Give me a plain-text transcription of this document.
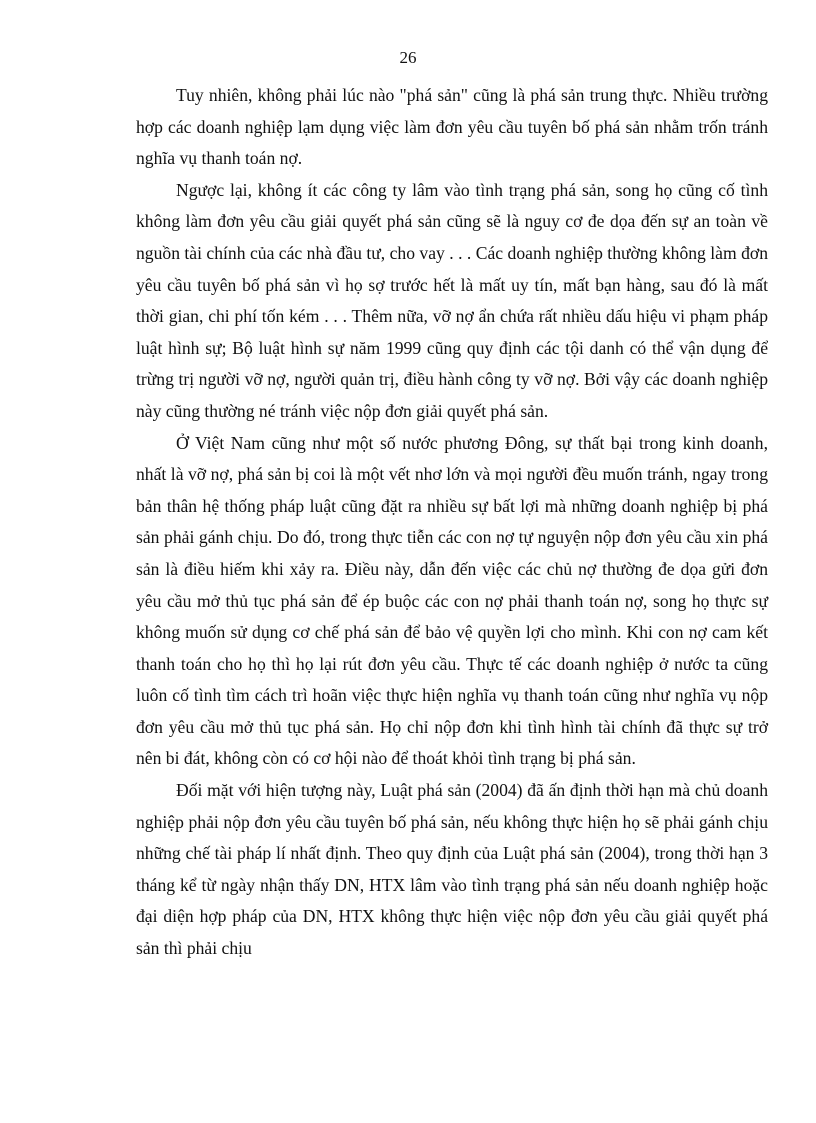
26

Tuy nhiên, không phải lúc nào "phá sản" cũng là phá sản trung thực. Nhiều trường hợp các doanh nghiệp lạm dụng việc làm đơn yêu cầu tuyên bố phá sản nhằm trốn tránh nghĩa vụ thanh toán nợ.

Ngược lại, không ít các công ty lâm vào tình trạng phá sản, song họ cũng cố tình không làm đơn yêu cầu giải quyết phá sản cũng sẽ là nguy cơ đe dọa đến sự an toàn về nguồn tài chính của các nhà đầu tư, cho vay . . . Các doanh nghiệp thường không làm đơn yêu cầu tuyên bố phá sản vì họ sợ trước hết là mất uy tín, mất bạn hàng, sau đó là mất thời gian, chi phí tốn kém . . . Thêm nữa, vỡ nợ ẩn chứa rất nhiều dấu hiệu vi phạm pháp luật hình sự; Bộ luật hình sự năm 1999 cũng quy định các tội danh có thể vận dụng để trừng trị người vỡ nợ, người quản trị, điều hành công ty vỡ nợ. Bởi vậy các doanh nghiệp này cũng thường né tránh việc nộp đơn giải quyết phá sản.

Ở Việt Nam cũng như một số nước phương Đông, sự thất bại trong kinh doanh, nhất là vỡ nợ, phá sản bị coi là một vết nhơ lớn và mọi người đều muốn tránh, ngay trong bản thân hệ thống pháp luật cũng đặt ra nhiều sự bất lợi mà những doanh nghiệp bị phá sản phải gánh chịu. Do đó, trong thực tiễn các con nợ tự nguyện nộp đơn yêu cầu xin phá sản là điều hiếm khi xảy ra. Điều này, dẫn đến việc các chủ nợ thường đe dọa gửi đơn yêu cầu mở thủ tục phá sản để ép buộc các con nợ phải thanh toán nợ, song họ thực sự không muốn sử dụng cơ chế phá sản để bảo vệ quyền lợi cho mình. Khi con nợ cam kết thanh toán cho họ thì họ lại rút đơn yêu cầu. Thực tế các doanh nghiệp ở nước ta cũng luôn cố tình tìm cách trì hoãn việc thực hiện nghĩa vụ thanh toán cũng như nghĩa vụ nộp đơn yêu cầu mở thủ tục phá sản. Họ chỉ nộp đơn khi tình hình tài chính đã thực sự trở nên bi đát, không còn có cơ hội nào để thoát khỏi tình trạng bị phá sản.

Đối mặt với hiện tượng này, Luật phá sản (2004) đã ấn định thời hạn mà chủ doanh nghiệp phải nộp đơn yêu cầu tuyên bố phá sản, nếu không thực hiện họ sẽ phải gánh chịu những chế tài pháp lí nhất định. Theo quy định của Luật phá sản (2004), trong thời hạn 3 tháng kể từ ngày nhận thấy DN, HTX lâm vào tình trạng phá sản nếu doanh nghiệp hoặc đại diện hợp pháp của DN, HTX không thực hiện việc nộp đơn yêu cầu giải quyết phá sản thì phải chịu
